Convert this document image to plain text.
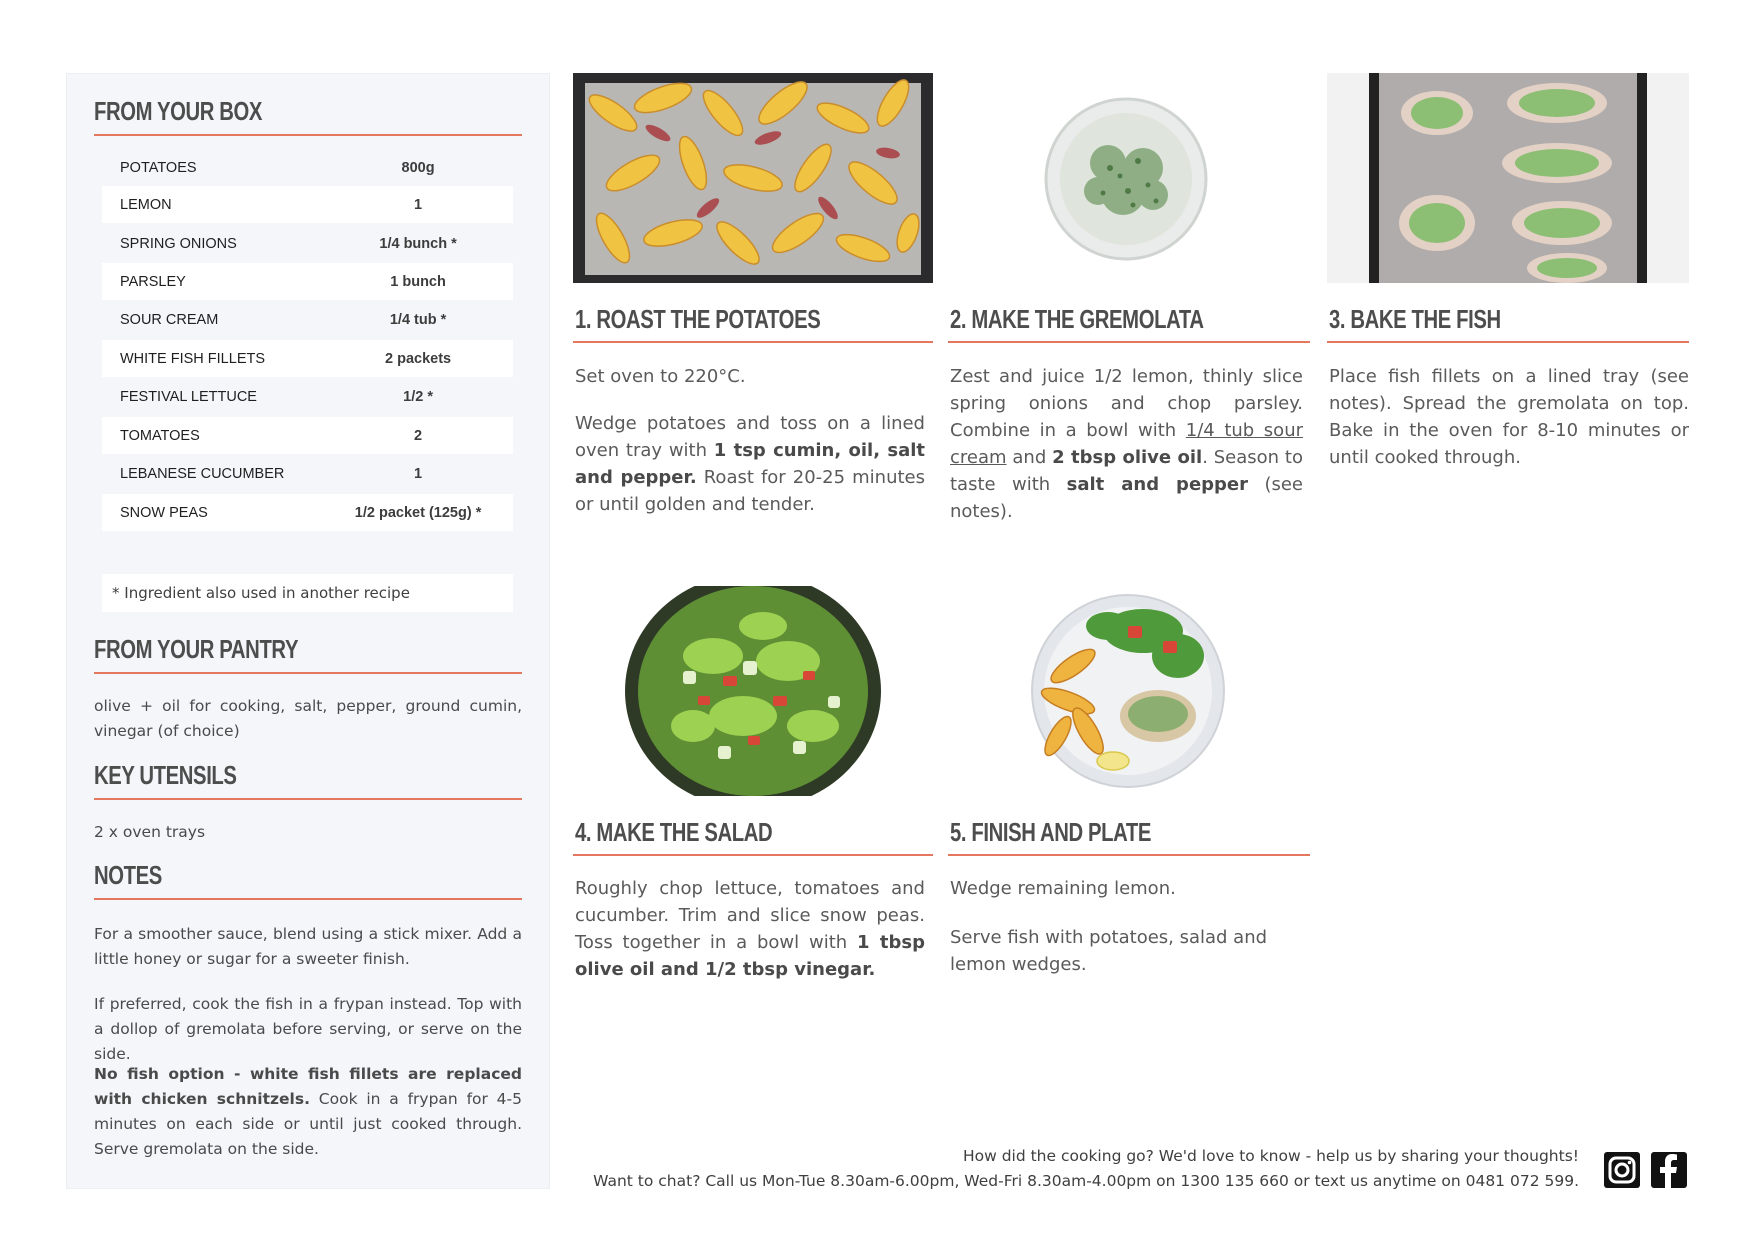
FROM YOUR BOX
POTATOES	800g
LEMON	1
SPRING ONIONS	1/4 bunch *
PARSLEY	1 bunch
SOUR CREAM	1/4 tub *
WHITE FISH FILLETS	2 packets
FESTIVAL LETTUCE	1/2 *
TOMATOES	2
LEBANESE CUCUMBER	1
SNOW PEAS	1/2 packet (125g) *
* Ingredient also used in another recipe
FROM YOUR PANTRY
olive + oil for cooking, salt, pepper, ground cumin, vinegar (of choice)
KEY UTENSILS
2 x oven trays
NOTES
For a smoother sauce, blend using a stick mixer. Add a little honey or sugar for a sweeter finish.
If preferred, cook the fish in a frypan instead. Top with a dollop of gremolata before serving, or serve on the side.
No fish option - white fish fillets are replaced with chicken schnitzels. Cook in a frypan for 4-5 minutes on each side or until just cooked through. Serve gremolata on the side.
1. ROAST THE POTATOES	2. MAKE THE GREMOLATA	3. BAKE THE FISH

Set oven to 220°C.

Wedge potatoes and toss on a lined oven tray with 1 tsp cumin, oil, salt and pepper. Roast for 20-25 minutes or until golden and tender.

Zest and juice 1/2 lemon, thinly slice spring onions and chop parsley. Combine in a bowl with 1/4 tub sour cream and 2 tbsp olive oil. Season to taste with salt and pepper (see notes).

Place fish fillets on a lined tray (see notes). Spread the gremolata on top. Bake in the oven for 8-10 minutes or until cooked through.

4. MAKE THE SALAD	5. FINISH AND PLATE

Roughly chop lettuce, tomatoes and cucumber. Trim and slice snow peas. Toss together in a bowl with 1 tbsp olive oil and 1/2 tbsp vinegar.

Wedge remaining lemon.

Serve fish with potatoes, salad and lemon wedges.

How did the cooking go? We'd love to know - help us by sharing your thoughts!
Want to chat? Call us Mon-Tue 8.30am-6.00pm, Wed-Fri 8.30am-4.00pm on 1300 135 660 or text us anytime on 0481 072 599.
